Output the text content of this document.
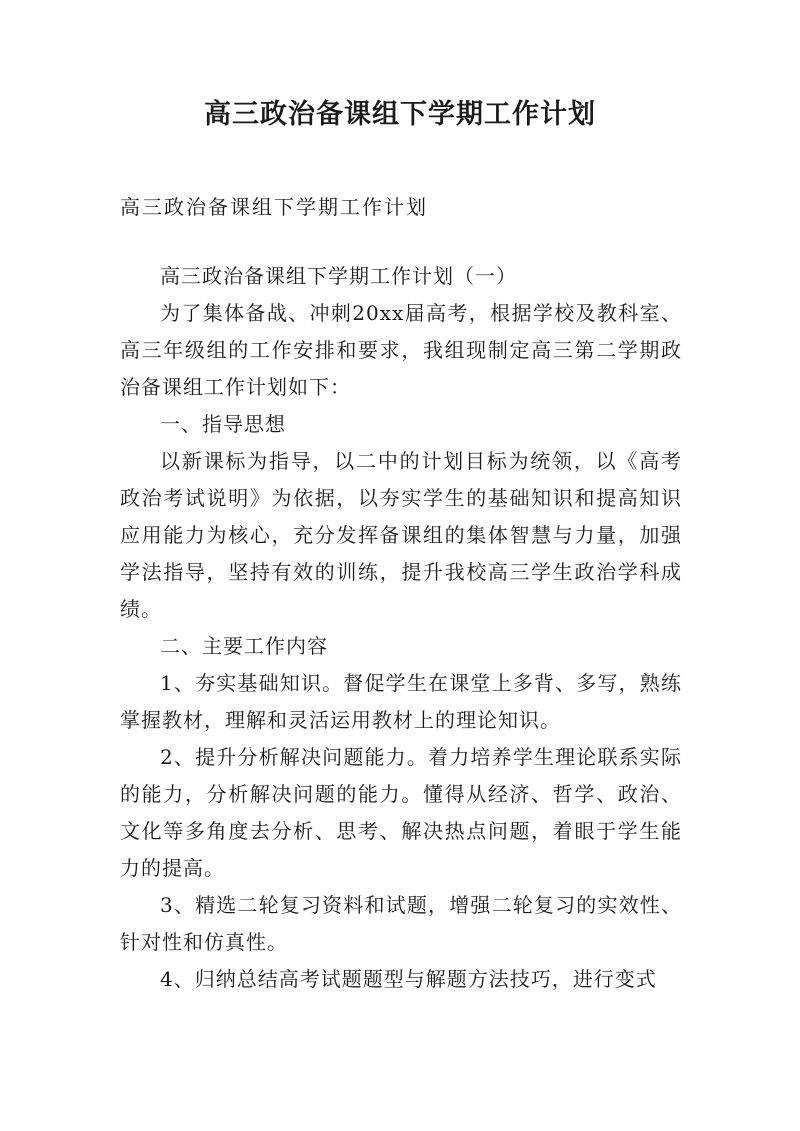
高三政治备课组下学期工作计划

高三政治备课组下学期工作计划

高三政治备课组下学期工作计划（一）

为了集体备战、冲刺20xx届高考，根据学校及教科室、高三年级组的工作安排和要求，我组现制定高三第二学期政治备课组工作计划如下：

一、指导思想

以新课标为指导，以二中的计划目标为统领，以《高考政治考试说明》为依据，以夯实学生的基础知识和提高知识应用能力为核心，充分发挥备课组的集体智慧与力量，加强学法指导，坚持有效的训练，提升我校高三学生政治学科成绩。

二、主要工作内容

1、夯实基础知识。督促学生在课堂上多背、多写，熟练掌握教材，理解和灵活运用教材上的理论知识。

2、提升分析解决问题能力。着力培养学生理论联系实际的能力，分析解决问题的能力。懂得从经济、哲学、政治、文化等多角度去分析、思考、解决热点问题，着眼于学生能力的提高。

3、精选二轮复习资料和试题，增强二轮复习的实效性、针对性和仿真性。

4、归纳总结高考试题题型与解题方法技巧，进行变式
